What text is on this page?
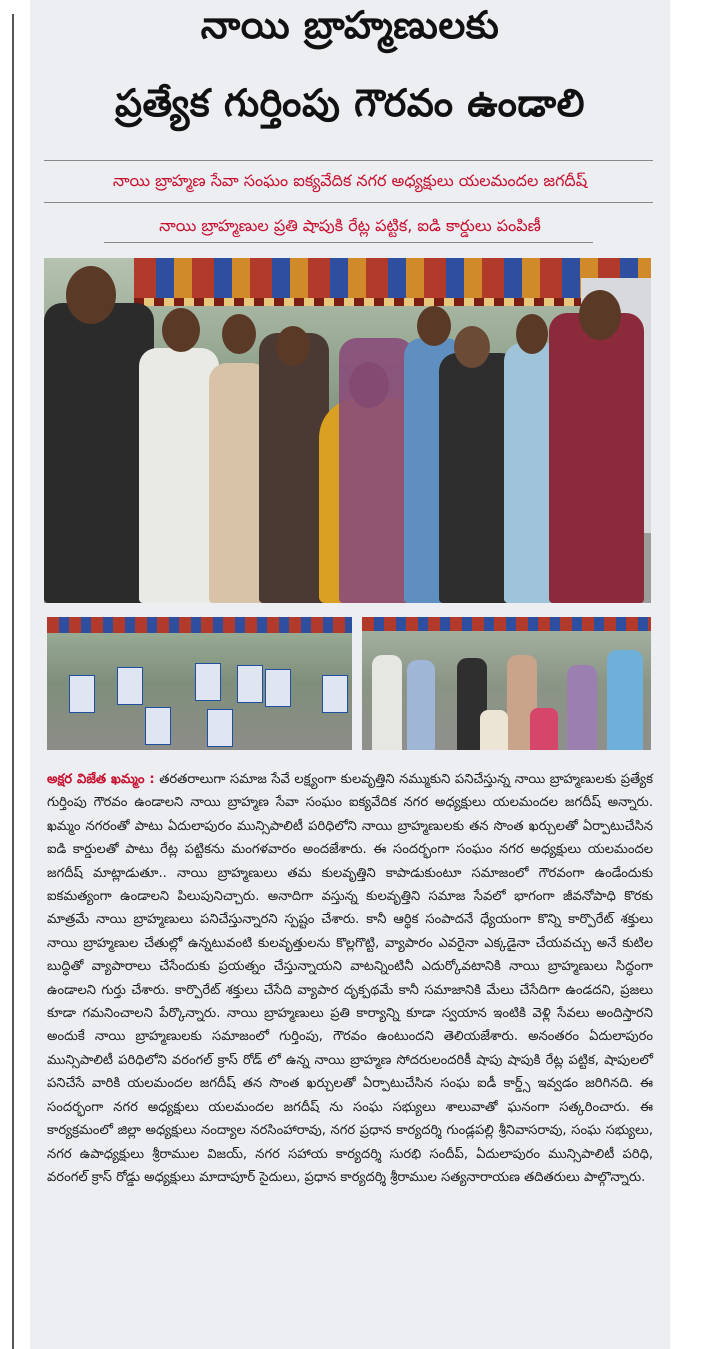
నాయి బ్రాహ్మణులకు
ప్రత్యేక గుర్తింపు గౌరవం ఉండాలి
నాయి బ్రాహ్మణ సేవా సంఘం ఐక్యవేదిక నగర అధ్యక్షులు యలమందల జగదీష్
నాయి బ్రాహ్మణుల ప్రతి షాపుకి రేట్ల పట్టిక, ఐడి కార్డులు పంపిణీ
అక్షర విజేత ఖమ్మం : తరతరాలుగా సమాజ సేవే లక్ష్యంగా కులవృత్తిని నమ్ముకుని పనిచేస్తున్న నాయి బ్రాహ్మణులకు ప్రత్యేక గుర్తింపు గౌరవం ఉండాలని నాయి బ్రాహ్మణ సేవా సంఘం ఐక్యవేదిక నగర అధ్యక్షులు యలమందల జగదీష్ అన్నారు. ఖమ్మం నగరంతో పాటు ఏదులాపురం మున్సిపాలిటీ పరిధిలోని నాయి బ్రాహ్మణులకు తన సొంత ఖర్చులతో ఏర్పాటుచేసిన ఐడి కార్డులతో పాటు రేట్ల పట్టికను మంగళవారం అందజేశారు. ఈ సందర్భంగా సంఘం నగర అధ్యక్షులు యలమందల జగదీష్ మాట్లాడుతూ.. నాయి బ్రాహ్మణులు తమ కులవృత్తిని కాపాడుకుంటూ సమాజంలో గౌరవంగా ఉండేందుకు ఐకమత్యంగా ఉండాలని పిలుపునిచ్చారు. అనాదిగా వస్తున్న కులవృత్తిని సమాజ సేవలో భాగంగా జీవనోపాధి కొరకు మాత్రమే నాయి బ్రాహ్మణులు పనిచేస్తున్నారని స్పష్టం చేశారు. కానీ ఆర్థిక సంపాదనే ధ్యేయంగా కొన్ని కార్పొరేట్ శక్తులు నాయి బ్రాహ్మణుల చేతుల్లో ఉన్నటువంటి కులవృత్తులను కొల్లగొట్టి, వ్యాపారం ఎవరైనా ఎక్కడైనా చేయవచ్చు అనే కుటిల బుద్ధితో వ్యాపారాలు చేసేందుకు ప్రయత్నం చేస్తున్నాయని వాటన్నింటినీ ఎదుర్కోవటానికి నాయి బ్రాహ్మణులు సిద్ధంగా ఉండాలని గుర్తు చేశారు. కార్పొరేట్ శక్తులు చేసేది వ్యాపార దృక్పథమే కానీ సమాజానికి మేలు చేసేదిగా ఉండదని, ప్రజలు కూడా గమనించాలని పేర్కొన్నారు. నాయి బ్రాహ్మణులు ప్రతి కార్యాన్ని కూడా స్వయాన ఇంటికి వెళ్లి సేవలు అందిస్తారని అందుకే నాయి బ్రాహ్మణులకు సమాజంలో గుర్తింపు, గౌరవం ఉంటుందని తెలియజేశారు. అనంతరం ఏదులాపురం మున్సిపాలిటీ పరిధిలోని వరంగల్ క్రాస్ రోడ్ లో ఉన్న నాయి బ్రాహ్మణ సోదరులందరికీ షాపు షాపుకి రేట్ల పట్టిక, షాపులలో పనిచేసే వారికి యలమందల జగదీష్ తన సొంత ఖర్చులతో ఏర్పాటుచేసిన సంఘ ఐడీ కార్డ్స్ ఇవ్వడం జరిగినది. ఈ సందర్భంగా నగర అధ్యక్షులు యలమందల జగదీష్ ను సంఘ సభ్యులు శాలువాతో ఘనంగా సత్కరించారు. ఈ కార్యక్రమంలో జిల్లా అధ్యక్షులు నంద్యాల నరసింహారావు, నగర ప్రధాన కార్యదర్శి గుండ్లపల్లి శ్రీనివాసరావు, సంఘ సభ్యులు, నగర ఉపాధ్యక్షులు శ్రీరాముల విజయ్, నగర సహాయ కార్యదర్శి సురభి సందీప్, ఏదులాపురం మున్సిపాలిటీ పరిధి, వరంగల్ క్రాస్ రోడ్డు అధ్యక్షులు మాదాపూర్ సైదులు, ప్రధాన కార్యదర్శి శ్రీరాముల సత్యనారాయణ తదితరులు పాల్గొన్నారు.
